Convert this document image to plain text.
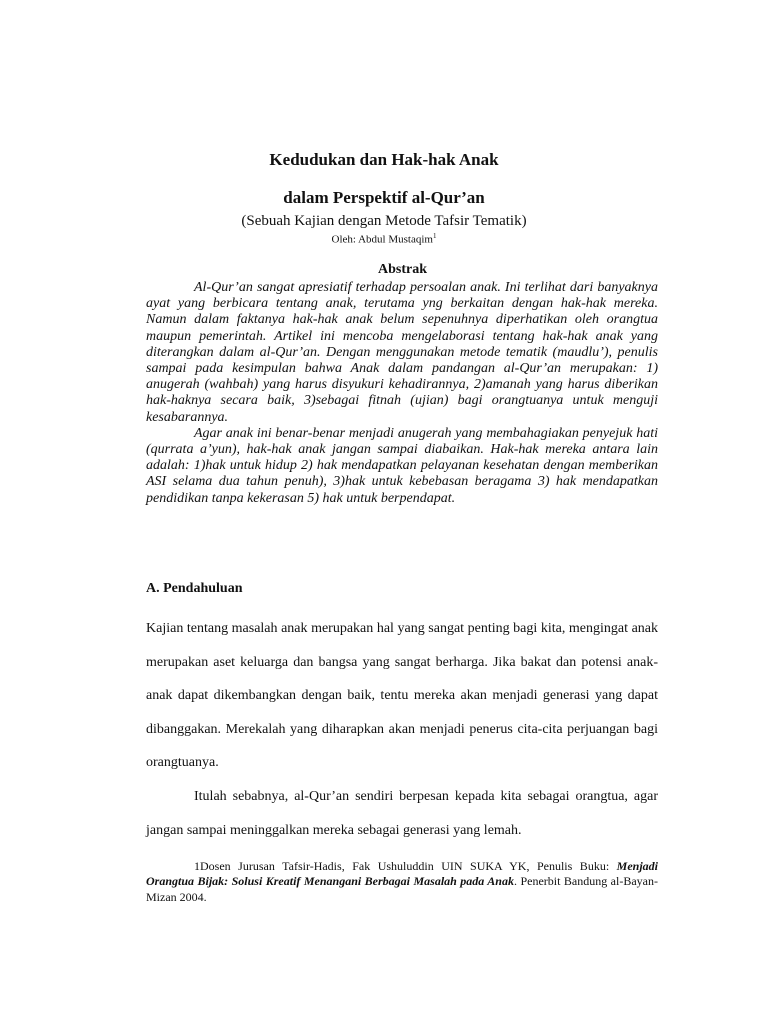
Kedudukan dan Hak-hak Anak
dalam Perspektif al-Qur’an
(Sebuah Kajian dengan Metode Tafsir Tematik)
Oleh: Abdul Mustaqim$^1$
Abstrak

Al-Qur’an sangat apresiatif terhadap persoalan anak. Ini terlihat dari banyaknya ayat yang berbicara tentang anak, terutama yng berkaitan dengan hak-hak mereka. Namun dalam faktanya hak-hak anak belum sepenuhnya diperhatikan oleh orangtua maupun pemerintah. Artikel ini mencoba mengelaborasi tentang hak-hak anak yang diterangkan dalam al-Qur’an. Dengan menggunakan metode tematik (maudlu’), penulis sampai pada kesimpulan bahwa Anak dalam pandangan al-Qur’an merupakan: 1) anugerah (wahbah) yang harus disyukuri kehadirannya, 2)amanah yang harus diberikan hak-haknya secara baik, 3)sebagai fitnah (ujian) bagi orangtuanya untuk menguji kesabarannya.

Agar anak ini benar-benar menjadi anugerah yang membahagiakan penyejuk hati (qurrata a’yun), hak-hak anak jangan sampai diabaikan. Hak-hak mereka antara lain adalah: 1)hak untuk hidup 2) hak mendapatkan pelayanan kesehatan dengan memberikan ASI selama dua tahun penuh), 3)hak untuk kebebasan beragama 3) hak mendapatkan pendidikan tanpa kekerasan 5) hak untuk berpendapat.

A. Pendahuluan

Kajian tentang masalah anak merupakan hal yang sangat penting bagi kita, mengingat anak merupakan aset keluarga dan bangsa yang sangat berharga. Jika bakat dan potensi anak-anak dapat dikembangkan dengan baik, tentu mereka akan menjadi generasi yang dapat dibanggakan. Merekalah yang diharapkan akan menjadi penerus cita-cita perjuangan bagi orangtuanya.

Itulah sebabnya, al-Qur’an sendiri berpesan kepada kita sebagai orangtua, agar jangan sampai meninggalkan mereka sebagai generasi yang lemah.

1Dosen Jurusan Tafsir-Hadis, Fak Ushuluddin UIN SUKA YK, Penulis Buku: Menjadi Orangtua Bijak: Solusi Kreatif Menangani Berbagai Masalah pada Anak. Penerbit Bandung al-Bayan-Mizan 2004.
